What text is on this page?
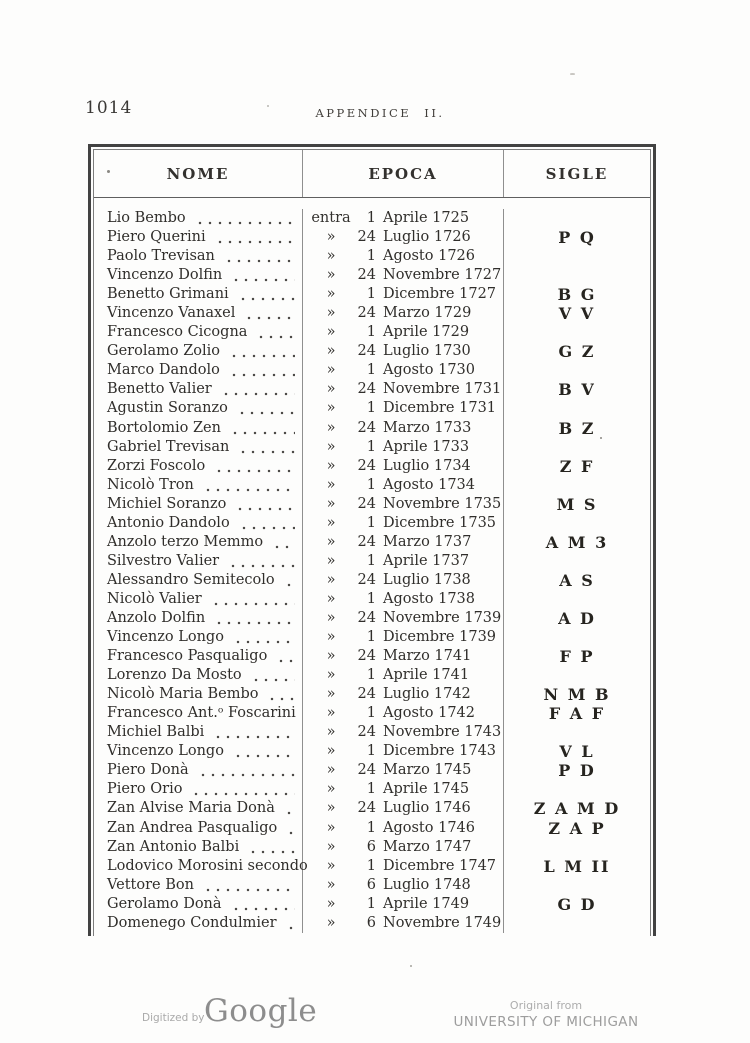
1014	APPENDICE II.
NOME	EPOCA	SIGLE
Lio Bembo	entra	1 Aprile 1725
Piero Querini	»	24 Luglio 1726	P Q
Paolo Trevisan	»	1 Agosto 1726
Vincenzo Dolfin	»	24 Novembre 1727
Benetto Grimani	»	1 Dicembre 1727	B G
Vincenzo Vanaxel	»	24 Marzo 1729	V V
Francesco Cicogna	»	1 Aprile 1729
Gerolamo Zolio	»	24 Luglio 1730	G Z
Marco Dandolo	»	1 Agosto 1730
Benetto Valier	»	24 Novembre 1731	B V
Agustin Soranzo	»	1 Dicembre 1731
Bortolomio Zen	»	24 Marzo 1733	B Z
Gabriel Trevisan	»	1 Aprile 1733
Zorzi Foscolo	»	24 Luglio 1734	Z F
Nicolò Tron	»	1 Agosto 1734
Michiel Soranzo	»	24 Novembre 1735	M S
Antonio Dandolo	»	1 Dicembre 1735
Anzolo terzo Memmo	»	24 Marzo 1737	A M 3
Silvestro Valier	»	1 Aprile 1737
Alessandro Semitecolo	»	24 Luglio 1738	A S
Nicolò Valier	»	1 Agosto 1738
Anzolo Dolfin	»	24 Novembre 1739	A D
Vincenzo Longo	»	1 Dicembre 1739
Francesco Pasqualigo	»	24 Marzo 1741	F P
Lorenzo Da Mosto	»	1 Aprile 1741
Nicolò Maria Bembo	»	24 Luglio 1742	N M B
Francesco Ant.ᵒ Foscarini	»	1 Agosto 1742	F A F
Michiel Balbi	»	24 Novembre 1743
Vincenzo Longo	»	1 Dicembre 1743	V L
Piero Donà	»	24 Marzo 1745	P D
Piero Orio	»	1 Aprile 1745
Zan Alvise Maria Donà	»	24 Luglio 1746	Z A M D
Zan Andrea Pasqualigo	»	1 Agosto 1746	Z A P
Zan Antonio Balbi	»	6 Marzo 1747
Lodovico Morosini secondo	»	1 Dicembre 1747	L M II
Vettore Bon	»	6 Luglio 1748
Gerolamo Donà	»	1 Aprile 1749	G D
Domenego Condulmier	»	6 Novembre 1749
Digitized by Google	Original from
UNIVERSITY OF MICHIGAN
